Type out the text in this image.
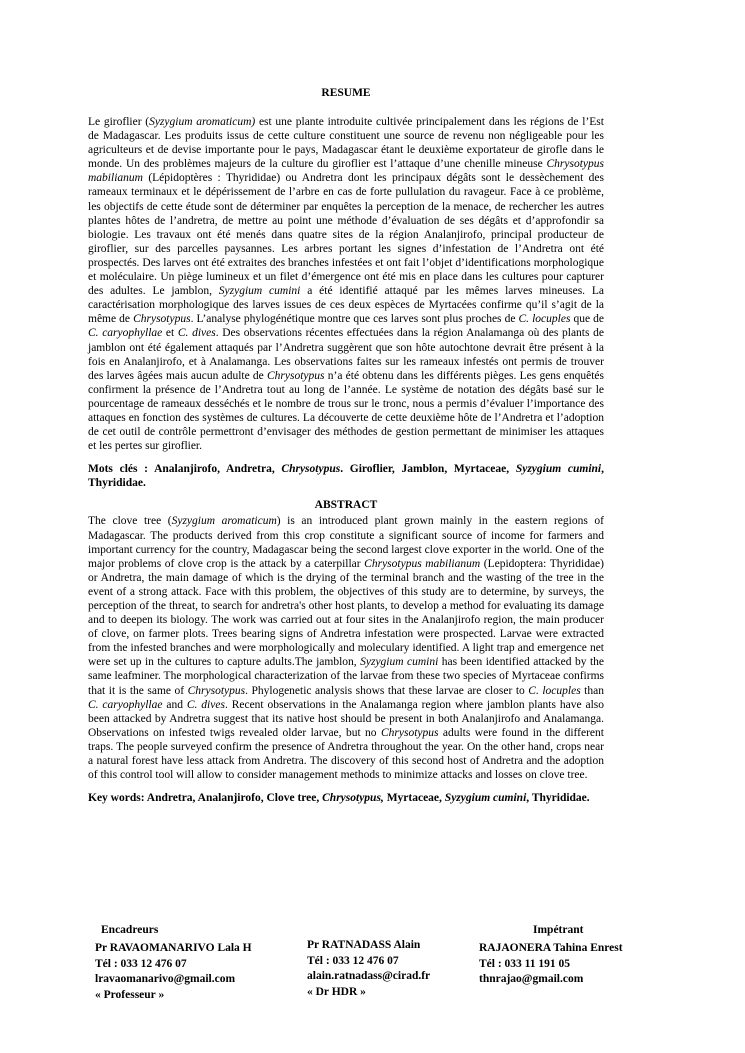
RESUME

Le giroflier (Syzygium aromaticum) est une plante introduite cultivée principalement dans les régions de l’Est de Madagascar. Les produits issus de cette culture constituent une source de revenu non négligeable pour les agriculteurs et de devise importante pour le pays, Madagascar étant le deuxième exportateur de girofle dans le monde. Un des problèmes majeurs de la culture du giroflier est l’attaque d’une chenille mineuse Chrysotypus mabilianum (Lépidoptères : Thyrididae) ou Andretra dont les principaux dégâts sont le dessèchement des rameaux terminaux et le dépérissement de l’arbre en cas de forte pullulation du ravageur. Face à ce problème, les objectifs de cette étude sont de déterminer par enquêtes la perception de la menace, de rechercher les autres plantes hôtes de l’andretra, de mettre au point une méthode d’évaluation de ses dégâts et d’approfondir sa biologie. Les travaux ont été menés dans quatre sites de la région Analanjirofo, principal producteur de giroflier, sur des parcelles paysannes. Les arbres portant les signes d’infestation de l’Andretra ont été prospectés. Des larves ont été extraites des branches infestées et ont fait l’objet d’identifications morphologique et moléculaire. Un piège lumineux et un filet d’émergence ont été mis en place dans les cultures pour capturer des adultes. Le jamblon, Syzygium cumini a été identifié attaqué par les mêmes larves mineuses. La caractérisation morphologique des larves issues de ces deux espèces de Myrtacées confirme qu’il s’agit de la même de Chrysotypus. L’analyse phylogénétique montre que ces larves sont plus proches de C. locuples que de C. caryophyllae et C. dives. Des observations récentes effectuées dans la région Analamanga où des plants de jamblon ont été également attaqués par l’Andretra suggèrent que son hôte autochtone devrait être présent à la fois en Analanjirofo, et à Analamanga. Les observations faites sur les rameaux infestés ont permis de trouver des larves âgées mais aucun adulte de Chrysotypus n’a été obtenu dans les différents pièges. Les gens enquêtés confirment la présence de l’Andretra tout au long de l’année. Le système de notation des dégâts basé sur le pourcentage de rameaux desséchés et le nombre de trous sur le tronc, nous a permis d’évaluer l’importance des attaques en fonction des systèmes de cultures. La découverte de cette deuxième hôte de l’Andretra et l’adoption de cet outil de contrôle permettront d’envisager des méthodes de gestion permettant de minimiser les attaques et les pertes sur giroflier.

Mots clés : Analanjirofo, Andretra, Chrysotypus. Giroflier, Jamblon, Myrtaceae, Syzygium cumini, Thyrididae.

ABSTRACT

The clove tree (Syzygium aromaticum) is an introduced plant grown mainly in the eastern regions of Madagascar. The products derived from this crop constitute a significant source of income for farmers and important currency for the country, Madagascar being the second largest clove exporter in the world. One of the major problems of clove crop is the attack by a caterpillar Chrysotypus mabilianum (Lepidoptera: Thyrididae) or Andretra, the main damage of which is the drying of the terminal branch and the wasting of the tree in the event of a strong attack. Face with this problem, the objectives of this study are to determine, by surveys, the perception of the threat, to search for andretra's other host plants, to develop a method for evaluating its damage and to deepen its biology. The work was carried out at four sites in the Analanjirofo region, the main producer of clove, on farmer plots. Trees bearing signs of Andretra infestation were prospected. Larvae were extracted from the infested branches and were morphologically and moleculary identified. A light trap and emergence net were set up in the cultures to capture adults.The jamblon, Syzygium cumini has been identified attacked by the same leafminer. The morphological characterization of the larvae from these two species of Myrtaceae confirms that it is the same of Chrysotypus. Phylogenetic analysis shows that these larvae are closer to C. locuples than C. caryophyllae and C. dives. Recent observations in the Analamanga region where jamblon plants have also been attacked by Andretra suggest that its native host should be present in both Analanjirofo and Analamanga. Observations on infested twigs revealed older larvae, but no Chrysotypus adults were found in the different traps. The people surveyed confirm the presence of Andretra throughout the year. On the other hand, crops near a natural forest have less attack from Andretra. The discovery of this second host of Andretra and the adoption of this control tool will allow to consider management methods to minimize attacks and losses on clove tree.

Key words: Andretra, Analanjirofo, Clove tree, Chrysotypus, Myrtaceae, Syzygium cumini, Thyrididae.

Encadreurs	Impétrant
Pr RAVAOMANARIVO Lala H
Tél : 033 12 476 07
lravaomanarivo@gmail.com
« Professeur »
Pr RATNADASS Alain
Tél : 033 12 476 07
alain.ratnadass@cirad.fr
« Dr HDR »
RAJAONERA Tahina Enrest
Tél : 033 11 191 05
thnrajao@gmail.com
